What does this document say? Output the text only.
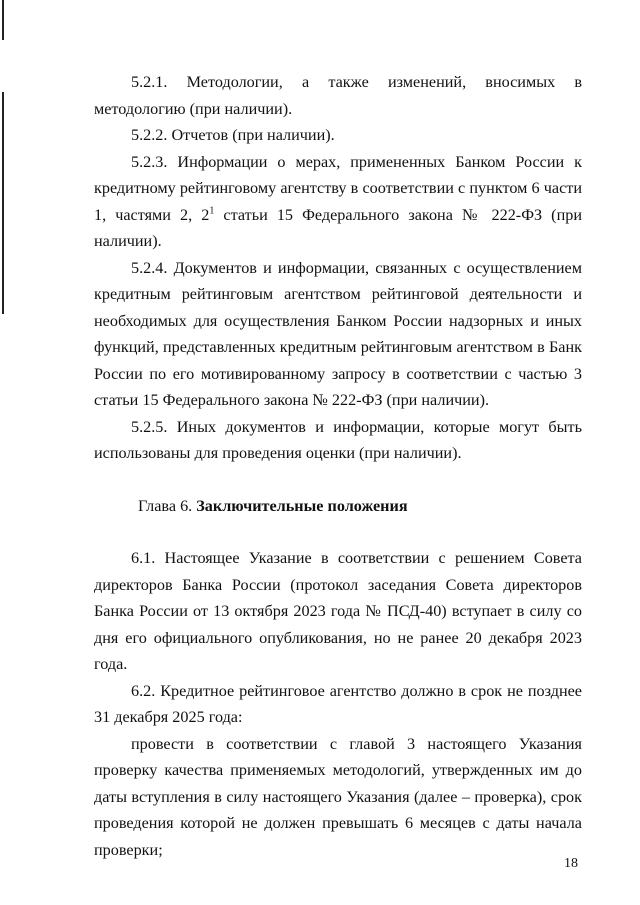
5.2.1. Методологии, а также изменений, вносимых в методологию (при наличии).

5.2.2. Отчетов (при наличии).

5.2.3. Информации о мерах, примененных Банком России к кредитному рейтинговому агентству в соответствии с пунктом 6 части 1, частями 2, $2^1$ статьи 15 Федерального закона № 222-ФЗ (при наличии).

5.2.4. Документов и информации, связанных с осуществлением кредитным рейтинговым агентством рейтинговой деятельности и необходимых для осуществления Банком России надзорных и иных функций, представленных кредитным рейтинговым агентством в Банк России по его мотивированному запросу в соответствии с частью 3 статьи 15 Федерального закона № 222-ФЗ (при наличии).

5.2.5. Иных документов и информации, которые могут быть использованы для проведения оценки (при наличии).

Глава 6. Заключительные положения

6.1. Настоящее Указание в соответствии с решением Совета директоров Банка России (протокол заседания Совета директоров Банка России от 13 октября 2023 года № ПСД-40) вступает в силу со дня его официального опубликования, но не ранее 20 декабря 2023 года.

6.2. Кредитное рейтинговое агентство должно в срок не позднее 31 декабря 2025 года:

провести в соответствии с главой 3 настоящего Указания проверку качества применяемых методологий, утвержденных им до даты вступления в силу настоящего Указания (далее – проверка), срок проведения которой не должен превышать 6 месяцев с даты начала проверки;

18
